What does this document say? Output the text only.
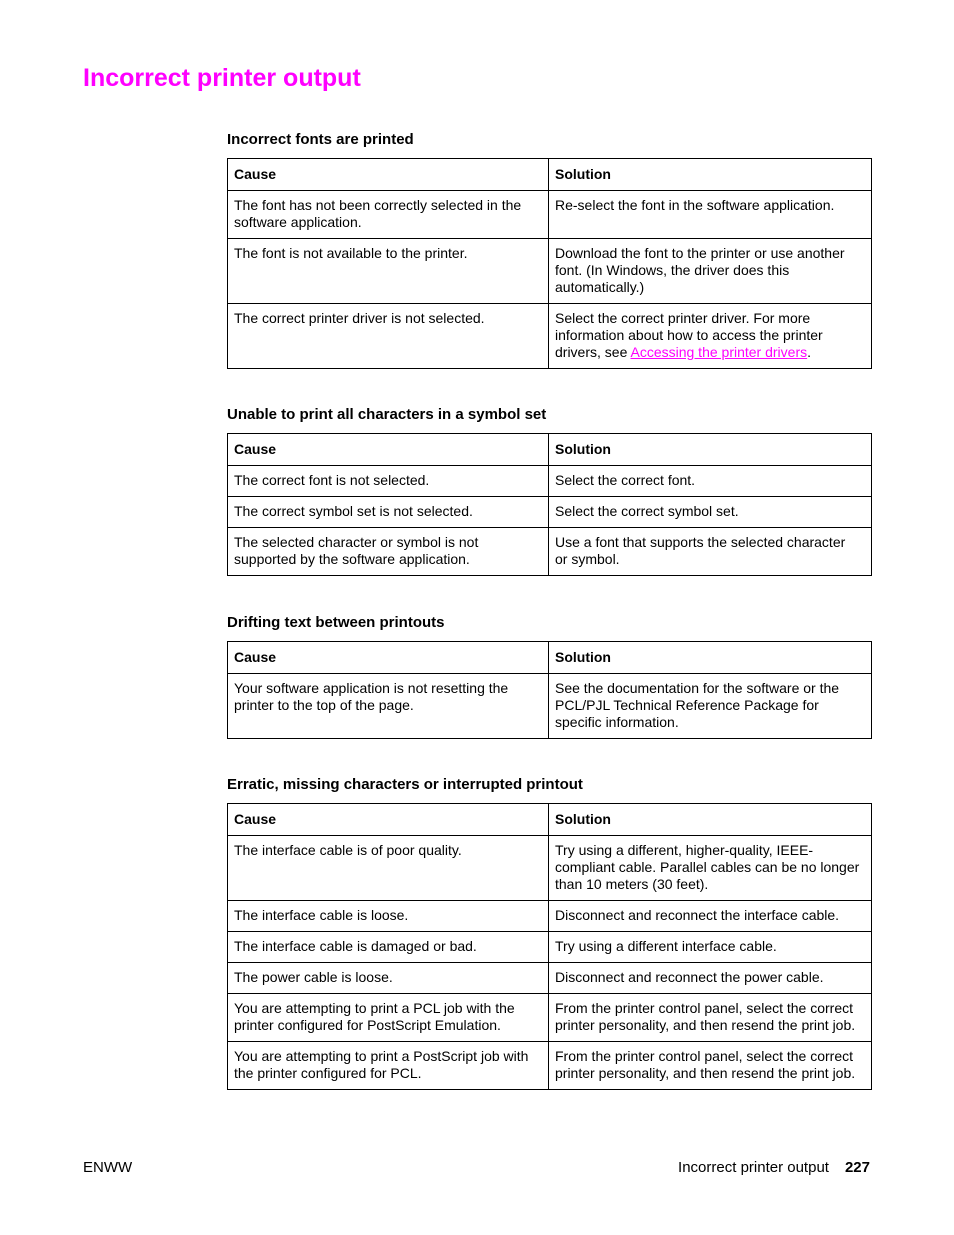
Incorrect printer output
Incorrect fonts are printed
Cause	Solution
The font has not been correctly selected in the software application.	Re-select the font in the software application.
The font is not available to the printer.	Download the font to the printer or use another font. (In Windows, the driver does this automatically.)
The correct printer driver is not selected.	Select the correct printer driver. For more information about how to access the printer drivers, see Accessing the printer drivers.
Unable to print all characters in a symbol set
Cause	Solution
The correct font is not selected.	Select the correct font.
The correct symbol set is not selected.	Select the correct symbol set.
The selected character or symbol is not supported by the software application.	Use a font that supports the selected character or symbol.
Drifting text between printouts
Cause	Solution
Your software application is not resetting the printer to the top of the page.	See the documentation for the software or the PCL/PJL Technical Reference Package for specific information.
Erratic, missing characters or interrupted printout
Cause	Solution
The interface cable is of poor quality.	Try using a different, higher-quality, IEEE-compliant cable. Parallel cables can be no longer than 10 meters (30 feet).
The interface cable is loose.	Disconnect and reconnect the interface cable.
The interface cable is damaged or bad.	Try using a different interface cable.
The power cable is loose.	Disconnect and reconnect the power cable.
You are attempting to print a PCL job with the printer configured for PostScript Emulation.	From the printer control panel, select the correct printer personality, and then resend the print job.
You are attempting to print a PostScript job with the printer configured for PCL.	From the printer control panel, select the correct printer personality, and then resend the print job.
ENWW	Incorrect printer output 227
